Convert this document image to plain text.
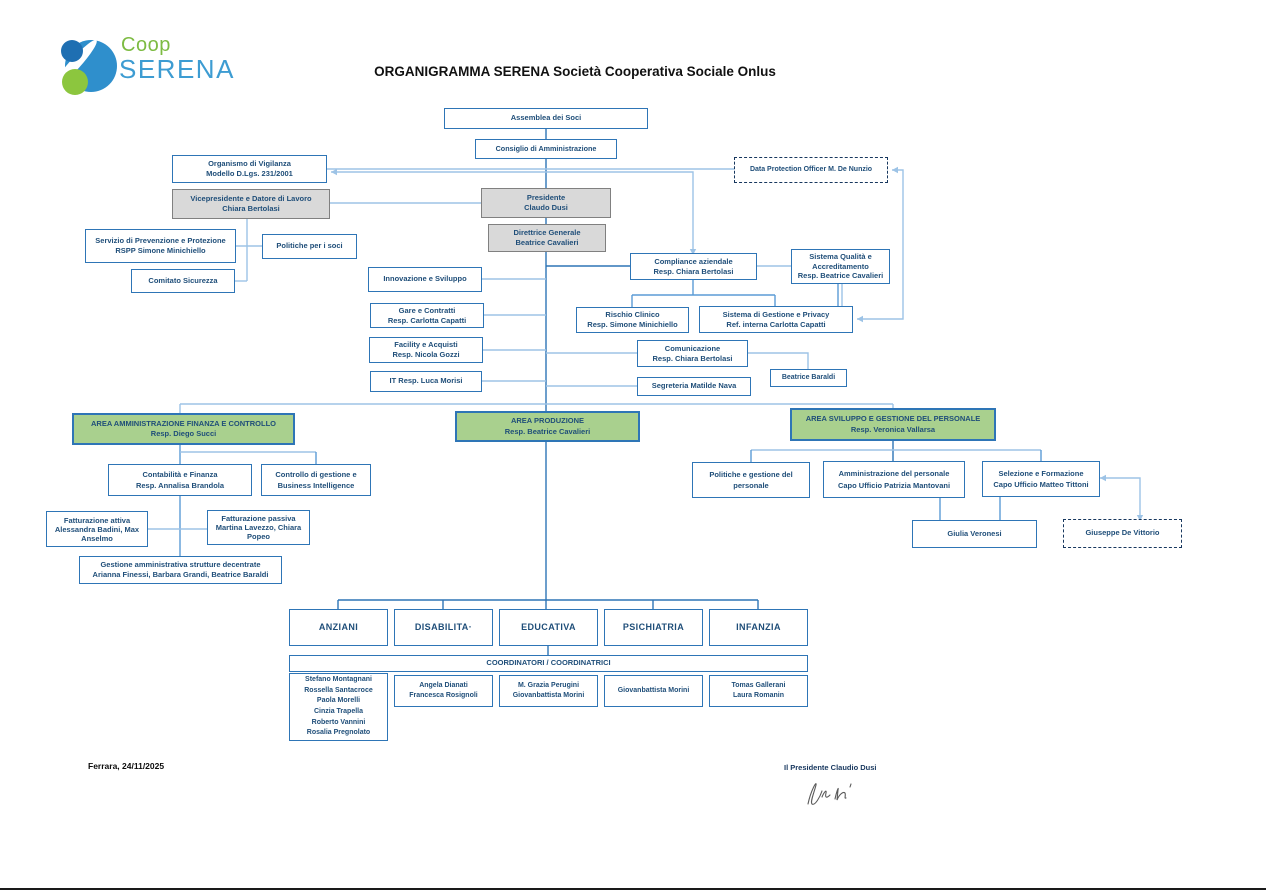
Coop
SERENA	ORGANIGRAMMA SERENA Società Cooperativa Sociale Onlus
Assemblea dei Soci
Consiglio di Amministrazione
Organismo di Vigilanza
Modello D.Lgs. 231/2001	Data Protection Officer M. De Nunzio
Vicepresidente e Datore di Lavoro
Chiara Bertolasi
Presidente
Claudo Dusi
Direttrice Generale
Beatrice Cavalieri
Servizio di Prevenzione e Protezione
RSPP Simone Minichiello
Politiche per i soci
Comitato Sicurezza	Innovazione e Sviluppo
Compliance aziendale
Resp. Chiara Bertolasi
Sistema Qualità e
Accreditamento
Resp. Beatrice Cavalieri
Gare e Contratti
Resp. Carlotta Capatti
Rischio Clinico
Resp. Simone Minichiello
Sistema di Gestione e Privacy
Ref. interna Carlotta Capatti
Facility e Acquisti
Resp. Nicola Gozzi
Comunicazione
Resp. Chiara Bertolasi
IT Resp. Luca Morisi	Beatrice Baraldi
Segreteria Matilde Nava
AREA AMMINISTRAZIONE FINANZA E CONTROLLO
Resp. Diego Succi
AREA PRODUZIONE
Resp. Beatrice Cavalieri
AREA SVILUPPO E GESTIONE DEL PERSONALE
Resp. Veronica Vallarsa
Contabilità e Finanza
Resp. Annalisa Brandola
Controllo di gestione e
Business Intelligence
Politiche e gestione del
personale
Amministrazione del personale
Capo Ufficio Patrizia Mantovani
Selezione e Formazione
Capo Ufficio Matteo Tittoni
Fatturazione attiva
Alessandra Badini, Max
Anselmo
Fatturazione passiva
Martina Lavezzo, Chiara
Popeo	Giulia Veronesi	Giuseppe De Vittorio
Gestione amministrativa strutture decentrate
Arianna Finessi, Barbara Grandi, Beatrice Baraldi
ANZIANI	DISABILITA·	EDUCATIVA	PSICHIATRIA	INFANZIA
COORDINATORI / COORDINATRICI
Stefano Montagnani
Rossella Santacroce
Paola Morelli
Cinzia Trapella
Roberto Vannini
Rosalia Pregnolato
Angela Dianati
Francesca Rosignoli
M. Grazia Perugini
Giovanbattista Morini
Giovanbattista Morini
Tomas Gallerani
Laura Romanin
Ferrara, 24/11/2025	Il Presidente Claudio Dusi
